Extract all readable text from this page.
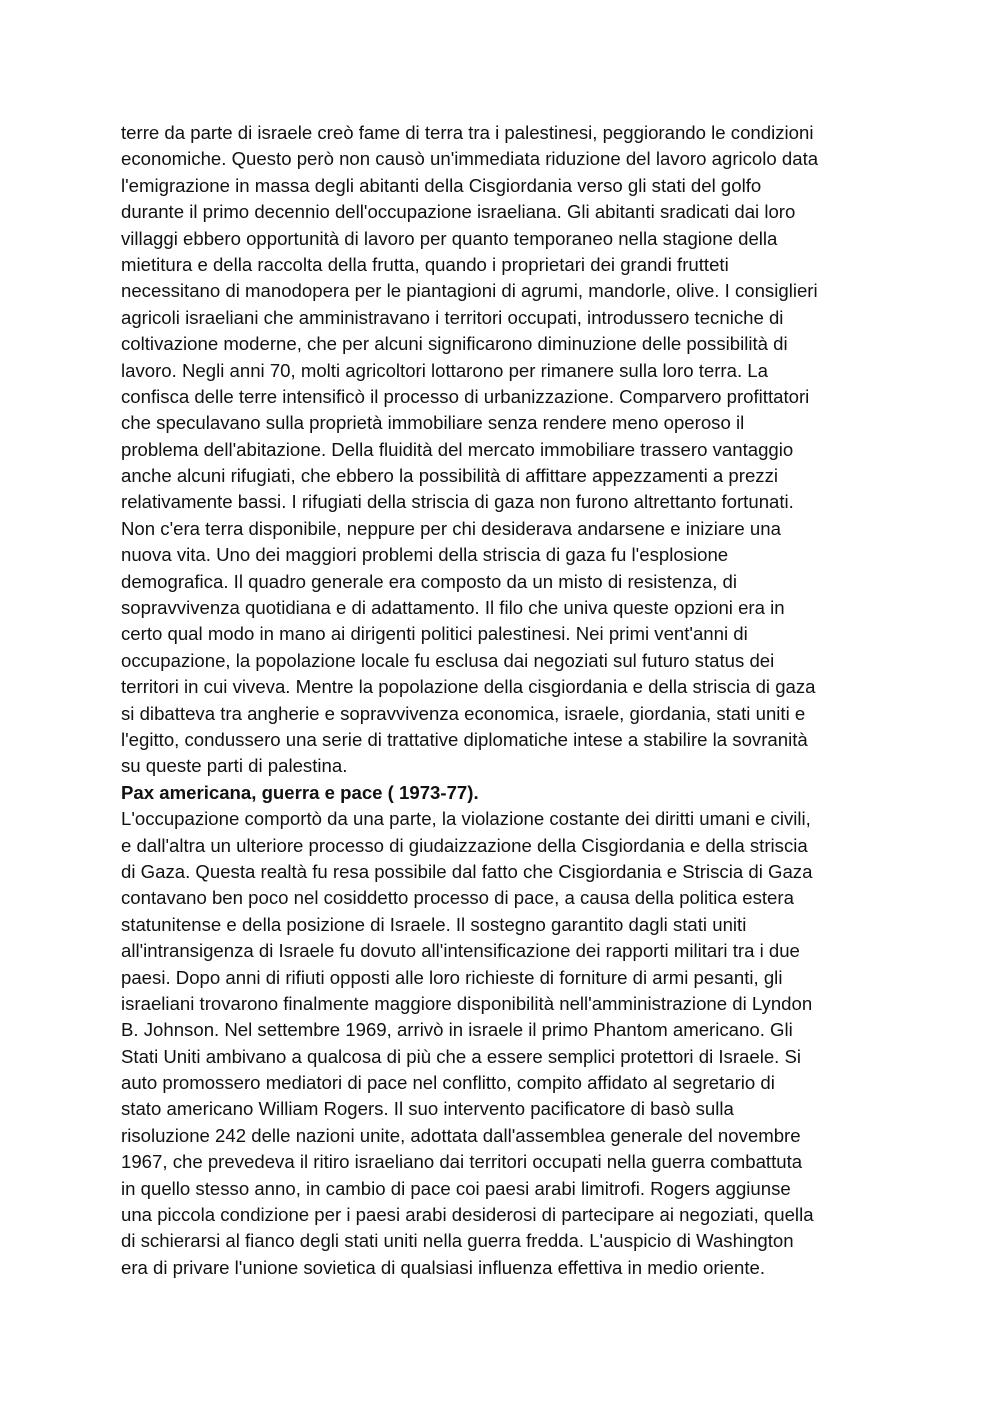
terre da parte di israele creò fame di terra tra i palestinesi, peggiorando le condizioni
economiche. Questo però non causò un'immediata riduzione del lavoro agricolo data
l'emigrazione in massa degli abitanti della Cisgiordania verso gli stati del golfo
durante il primo decennio dell'occupazione israeliana. Gli abitanti sradicati dai loro
villaggi ebbero opportunità di lavoro per quanto temporaneo nella stagione della
mietitura e della raccolta della frutta, quando i proprietari dei grandi frutteti
necessitano di manodopera per le piantagioni di agrumi, mandorle, olive. I consiglieri
agricoli israeliani che amministravano i territori occupati, introdussero tecniche di
coltivazione moderne, che per alcuni significarono diminuzione delle possibilità di
lavoro. Negli anni 70, molti agricoltori lottarono per rimanere sulla loro terra. La
confisca delle terre intensificò il processo di urbanizzazione. Comparvero profittatori
che speculavano sulla proprietà immobiliare senza rendere meno operoso il
problema dell'abitazione. Della fluidità del mercato immobiliare trassero vantaggio
anche alcuni rifugiati, che ebbero la possibilità di affittare appezzamenti a prezzi
relativamente bassi. I rifugiati della striscia di gaza non furono altrettanto fortunati.
Non c'era terra disponibile, neppure per chi desiderava andarsene e iniziare una
nuova vita. Uno dei maggiori problemi della striscia di gaza fu l'esplosione
demografica. Il quadro generale era composto da un misto di resistenza, di
sopravvivenza quotidiana e di adattamento. Il filo che univa queste opzioni era in
certo qual modo in mano ai dirigenti politici palestinesi. Nei primi vent'anni di
occupazione, la popolazione locale fu esclusa dai negoziati sul futuro status dei
territori in cui viveva. Mentre la popolazione della cisgiordania e della striscia di gaza
si dibatteva tra angherie e sopravvivenza economica, israele, giordania, stati uniti e
l'egitto, condussero una serie di trattative diplomatiche intese a stabilire la sovranità
su queste parti di palestina.
Pax americana, guerra e pace ( 1973-77).
L'occupazione comportò da una parte, la violazione costante dei diritti umani e civili,
e dall'altra un ulteriore processo di giudaizzazione della Cisgiordania e della striscia
di Gaza. Questa realtà fu resa possibile dal fatto che Cisgiordania e Striscia di Gaza
contavano ben poco nel cosiddetto processo di pace, a causa della politica estera
statunitense e della posizione di Israele. Il sostegno garantito dagli stati uniti
all'intransigenza di Israele fu dovuto all'intensificazione dei rapporti militari tra i due
paesi. Dopo anni di rifiuti opposti alle loro richieste di forniture di armi pesanti, gli
israeliani trovarono finalmente maggiore disponibilità nell'amministrazione di Lyndon
B. Johnson. Nel settembre 1969, arrivò in israele il primo Phantom americano. Gli
Stati Uniti ambivano a qualcosa di più che a essere semplici protettori di Israele. Si
auto promossero mediatori di pace nel conflitto, compito affidato al segretario di
stato americano William Rogers. Il suo intervento pacificatore di basò sulla
risoluzione 242 delle nazioni unite, adottata dall'assemblea generale del novembre
1967, che prevedeva il ritiro israeliano dai territori occupati nella guerra combattuta
in quello stesso anno, in cambio di pace coi paesi arabi limitrofi. Rogers aggiunse
una piccola condizione per i paesi arabi desiderosi di partecipare ai negoziati, quella
di schierarsi al fianco degli stati uniti nella guerra fredda. L'auspicio di Washington
era di privare l'unione sovietica di qualsiasi influenza effettiva in medio oriente.
